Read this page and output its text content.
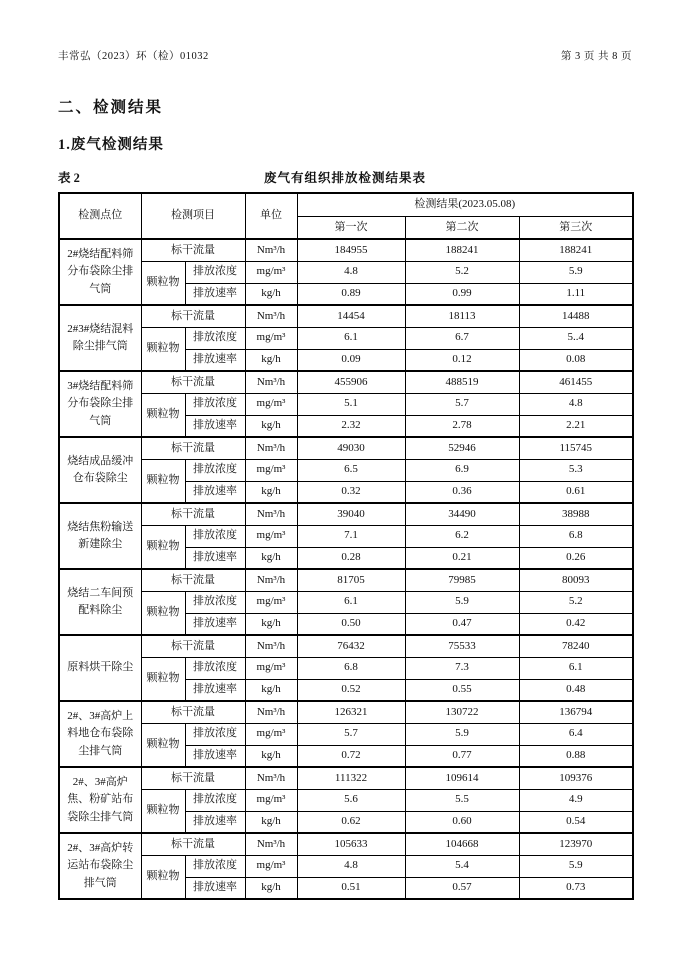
丰常弘（2023）环（检）01032	第 3 页 共 8 页
二、检测结果
1.废气检测结果
表 2	废气有组织排放检测结果表
检测点位	检测项目		单位	检测结果(2023.05.08)		
				第一次	第二次	第三次
2#烧结配料筛分布袋除尘排气筒	标干流量		Nm³/h	184955	188241	188241
	颗粒物	排放浓度	mg/m³	4.8	5.2	5.9
		排放速率	kg/h	0.89	0.99	1.11
2#3#烧结混料除尘排气筒	标干流量		Nm³/h	14454	18113	14488
	颗粒物	排放浓度	mg/m³	6.1	6.7	5..4
		排放速率	kg/h	0.09	0.12	0.08
3#烧结配料筛分布袋除尘排气筒	标干流量		Nm³/h	455906	488519	461455
	颗粒物	排放浓度	mg/m³	5.1	5.7	4.8
		排放速率	kg/h	2.32	2.78	2.21
烧结成品缓冲仓布袋除尘	标干流量		Nm³/h	49030	52946	115745
	颗粒物	排放浓度	mg/m³	6.5	6.9	5.3
		排放速率	kg/h	0.32	0.36	0.61
烧结焦粉输送新建除尘	标干流量		Nm³/h	39040	34490	38988
	颗粒物	排放浓度	mg/m³	7.1	6.2	6.8
		排放速率	kg/h	0.28	0.21	0.26
烧结二车间预配料除尘	标干流量		Nm³/h	81705	79985	80093
	颗粒物	排放浓度	mg/m³	6.1	5.9	5.2
		排放速率	kg/h	0.50	0.47	0.42
原料烘干除尘	标干流量		Nm³/h	76432	75533	78240
	颗粒物	排放浓度	mg/m³	6.8	7.3	6.1
		排放速率	kg/h	0.52	0.55	0.48
2#、3#高炉上料地仓布袋除尘排气筒	标干流量		Nm³/h	126321	130722	136794
	颗粒物	排放浓度	mg/m³	5.7	5.9	6.4
		排放速率	kg/h	0.72	0.77	0.88
2#、3#高炉焦、粉矿站布袋除尘排气筒	标干流量		Nm³/h	111322	109614	109376
	颗粒物	排放浓度	mg/m³	5.6	5.5	4.9
		排放速率	kg/h	0.62	0.60	0.54
2#、3#高炉转运站布袋除尘排气筒	标干流量		Nm³/h	105633	104668	123970
	颗粒物	排放浓度	mg/m³	4.8	5.4	5.9
		排放速率	kg/h	0.51	0.57	0.73
